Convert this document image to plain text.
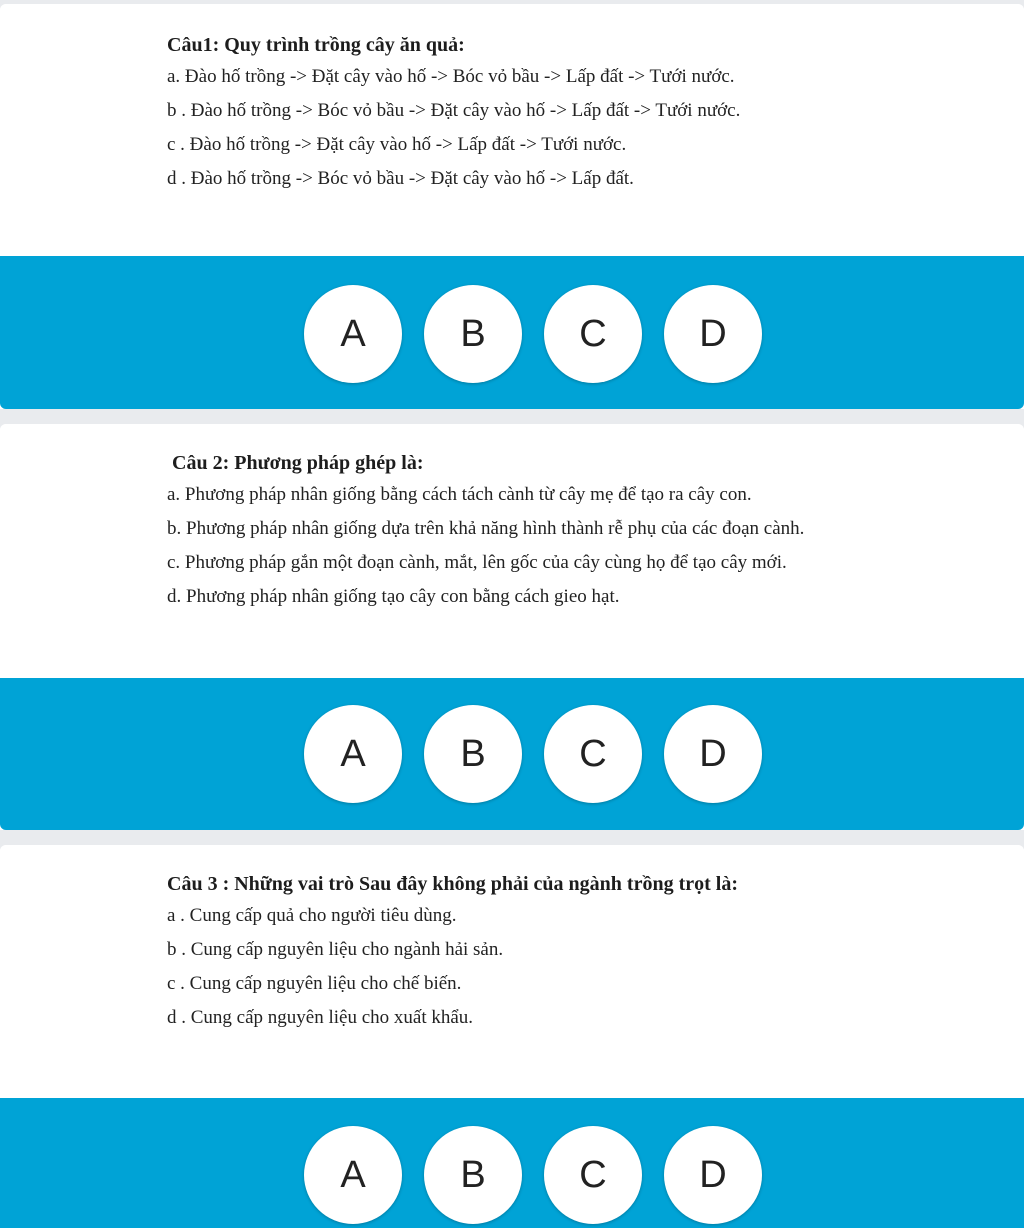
Câu1: Quy trình trồng cây ăn quả:
a. Đào hố trồng -> Đặt cây vào hố -> Bóc vỏ bầu -> Lấp đất -> Tưới nước.
b . Đào hố trồng -> Bóc vỏ bầu -> Đặt cây vào hố -> Lấp đất -> Tưới nước.
c . Đào hố trồng -> Đặt cây vào hố -> Lấp đất -> Tưới nước.
d . Đào hố trồng -> Bóc vỏ bầu -> Đặt cây vào hố -> Lấp đất.
A	B	C	D
Câu 2: Phương pháp ghép là:
a. Phương pháp nhân giống bằng cách tách cành từ cây mẹ để tạo ra cây con.
b. Phương pháp nhân giống dựa trên khả năng hình thành rễ phụ của các đoạn cành.
c. Phương pháp gắn một đoạn cành, mắt, lên gốc của cây cùng họ để tạo cây mới.
d. Phương pháp nhân giống tạo cây con bằng cách gieo hạt.
A	B	C	D
Câu 3 : Những vai trò Sau đây không phải của ngành trồng trọt là:
a . Cung cấp quả cho người tiêu dùng.
b . Cung cấp nguyên liệu cho ngành hải sản.
c . Cung cấp nguyên liệu cho chế biến.
d . Cung cấp nguyên liệu cho xuất khẩu.
A	B	C	D
